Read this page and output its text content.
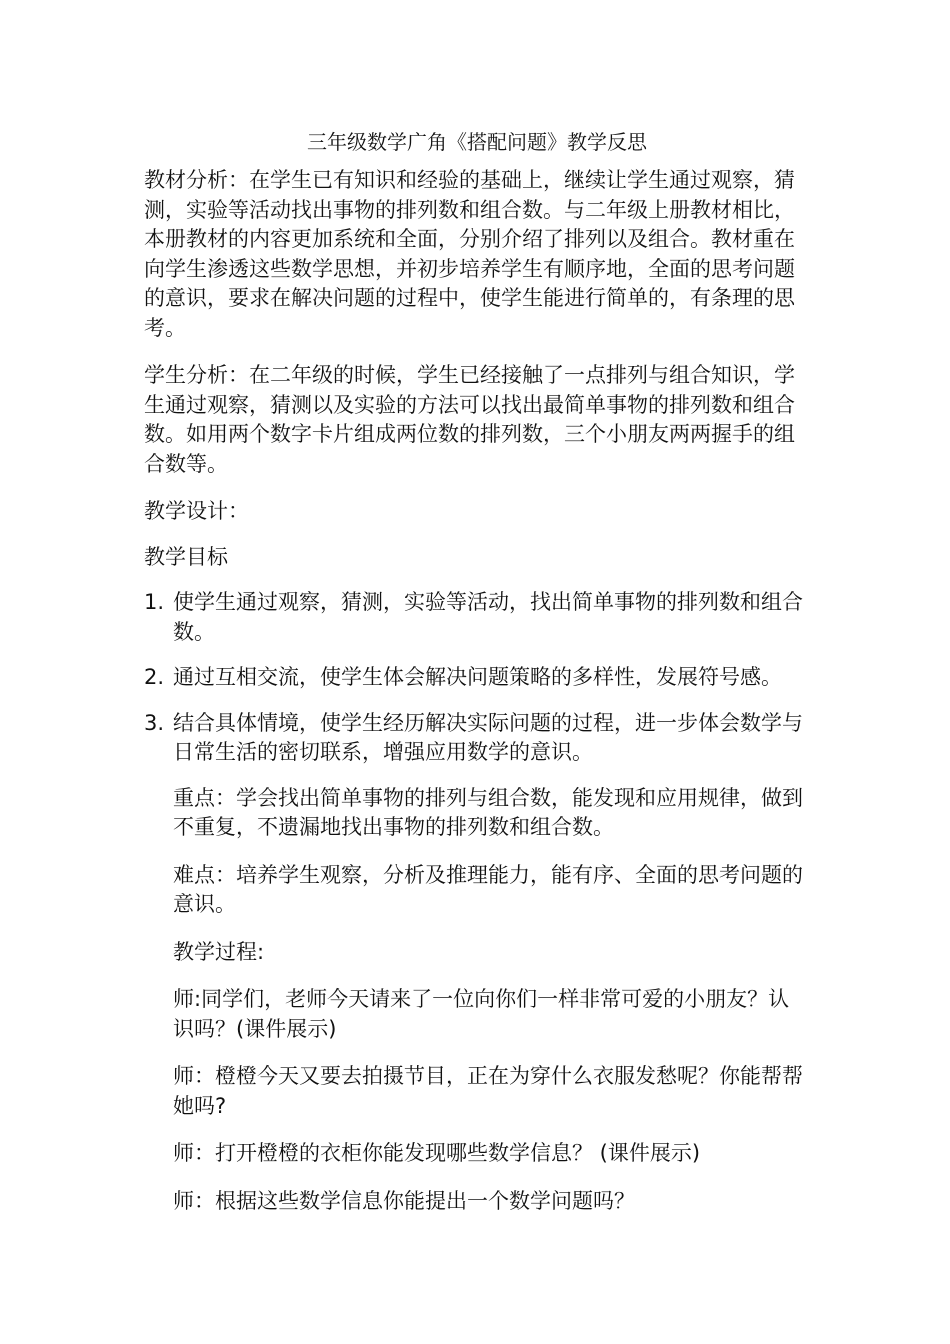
三年级数学广角《搭配问题》教学反思

教材分析：在学生已有知识和经验的基础上，继续让学生通过观察，猜测，实验等活动找出事物的排列数和组合数。与二年级上册教材相比，本册教材的内容更加系统和全面，分别介绍了排列以及组合。教材重在向学生渗透这些数学思想，并初步培养学生有顺序地，全面的思考问题的意识，要求在解决问题的过程中，使学生能进行简单的，有条理的思考。

学生分析：在二年级的时候，学生已经接触了一点排列与组合知识，学生通过观察，猜测以及实验的方法可以找出最简单事物的排列数和组合数。如用两个数字卡片组成两位数的排列数，三个小朋友两两握手的组合数等。

教学设计：
教学目标
1. 使学生通过观察，猜测，实验等活动，找出简单事物的排列数和组合数。
2. 通过互相交流，使学生体会解决问题策略的多样性，发展符号感。
3. 结合具体情境，使学生经历解决实际问题的过程，进一步体会数学与日常生活的密切联系，增强应用数学的意识。

重点：学会找出简单事物的排列与组合数，能发现和应用规律，做到不重复，不遗漏地找出事物的排列数和组合数。

难点：培养学生观察，分析及推理能力，能有序、全面的思考问题的意识。

教学过程:

师:同学们，老师今天请来了一位向你们一样非常可爱的小朋友？认识吗？(课件展示)

师：橙橙今天又要去拍摄节目，正在为穿什么衣服发愁呢？你能帮帮她吗?

师：打开橙橙的衣柜你能发现哪些数学信息？ (课件展示)

师：根据这些数学信息你能提出一个数学问题吗？
